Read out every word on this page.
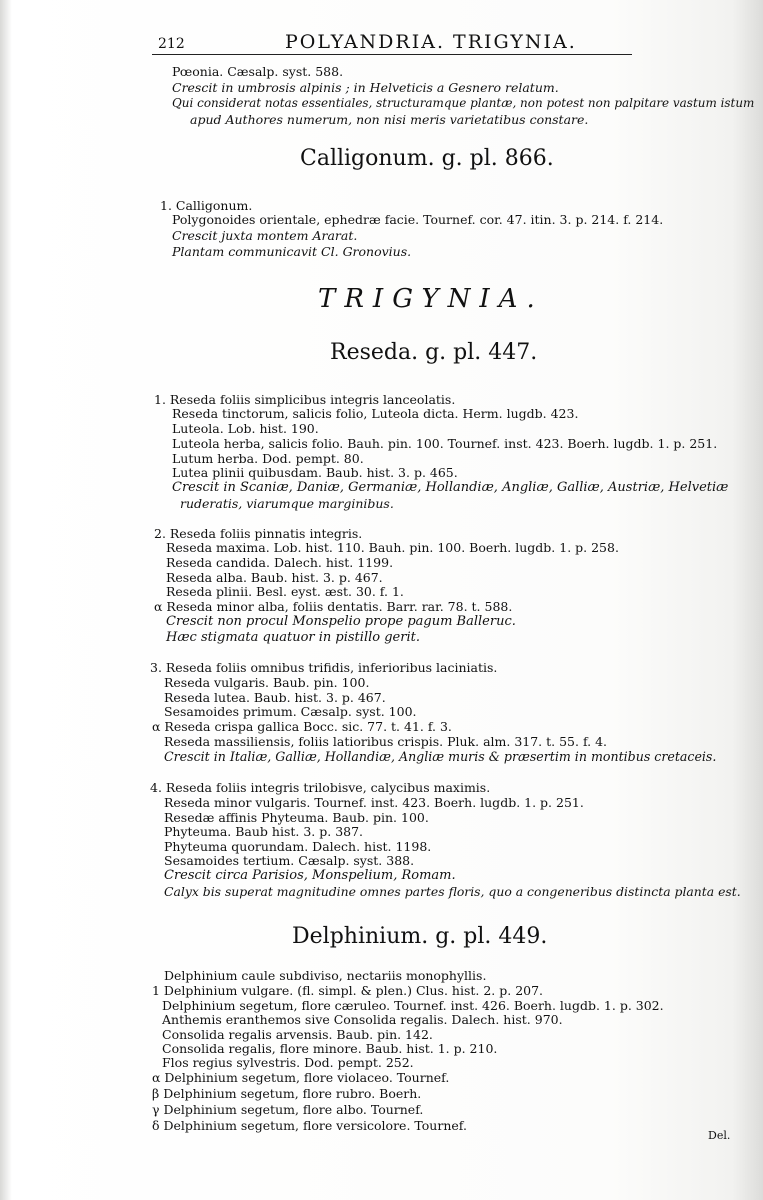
212	POLYANDRIA. TRIGYNIA.
Pœonia. Cæsalp. syst. 588.
Crescit in umbrosis alpinis ; in Helveticis a Gesnero relatum.
Qui considerat notas essentiales, structuramque plantæ, non potest non palpitare vastum istum
apud Authores numerum, non nisi meris varietatibus constare.
Calligonum. g. pl. 866.
1. Calligonum.
Polygonoides orientale, ephedræ facie. Tournef. cor. 47. itin. 3. p. 214. f. 214.
Crescit juxta montem Ararat.
Plantam communicavit Cl. Gronovius.
TRIGYNIA.
Reseda. g. pl. 447.
1. Reseda foliis simplicibus integris lanceolatis.
Reseda tinctorum, salicis folio, Luteola dicta. Herm. lugdb. 423.
Luteola. Lob. hist. 190.
Luteola herba, salicis folio. Bauh. pin. 100. Tournef. inst. 423. Boerh. lugdb. 1. p. 251.
Lutum herba. Dod. pempt. 80.
Lutea plinii quibusdam. Baub. hist. 3. p. 465.
Crescit in Scaniæ, Daniæ, Germaniæ, Hollandiæ, Angliæ, Galliæ, Austriæ, Helvetiæ
ruderatis, viarumque marginibus.
2. Reseda foliis pinnatis integris.
Reseda maxima. Lob. hist. 110. Bauh. pin. 100. Boerh. lugdb. 1. p. 258.
Reseda candida. Dalech. hist. 1199.
Reseda alba. Baub. hist. 3. p. 467.
Reseda plinii. Besl. eyst. æst. 30. f. 1.
α Reseda minor alba, foliis dentatis. Barr. rar. 78. t. 588.
Crescit non procul Monspelio prope pagum Balleruc.
Hæc stigmata quatuor in pistillo gerit.
3. Reseda foliis omnibus trifidis, inferioribus laciniatis.
Reseda vulgaris. Baub. pin. 100.
Reseda lutea. Baub. hist. 3. p. 467.
Sesamoides primum. Cæsalp. syst. 100.
α Reseda crispa gallica Bocc. sic. 77. t. 41. f. 3.
Reseda massiliensis, foliis latioribus crispis. Pluk. alm. 317. t. 55. f. 4.
Crescit in Italiæ, Galliæ, Hollandiæ, Angliæ muris & præsertim in montibus cretaceis.
4. Reseda foliis integris trilobisve, calycibus maximis.
Reseda minor vulgaris. Tournef. inst. 423. Boerh. lugdb. 1. p. 251.
Resedæ affinis Phyteuma. Baub. pin. 100.
Phyteuma. Baub hist. 3. p. 387.
Phyteuma quorundam. Dalech. hist. 1198.
Sesamoides tertium. Cæsalp. syst. 388.
Crescit circa Parisios, Monspelium, Romam.
Calyx bis superat magnitudine omnes partes floris, quo a congeneribus distincta planta est.
Delphinium. g. pl. 449.
Delphinium caule subdiviso, nectariis monophyllis.
1 Delphinium vulgare. (fl. simpl. & plen.) Clus. hist. 2. p. 207.
Delphinium segetum, flore cæruleo. Tournef. inst. 426. Boerh. lugdb. 1. p. 302.
Anthemis eranthemos sive Consolida regalis. Dalech. hist. 970.
Consolida regalis arvensis. Baub. pin. 142.
Consolida regalis, flore minore. Baub. hist. 1. p. 210.
Flos regius sylvestris. Dod. pempt. 252.
α Delphinium segetum, flore violaceo. Tournef.
β Delphinium segetum, flore rubro. Boerh.
γ Delphinium segetum, flore albo. Tournef.
δ Delphinium segetum, flore versicolore. Tournef.
Del.
